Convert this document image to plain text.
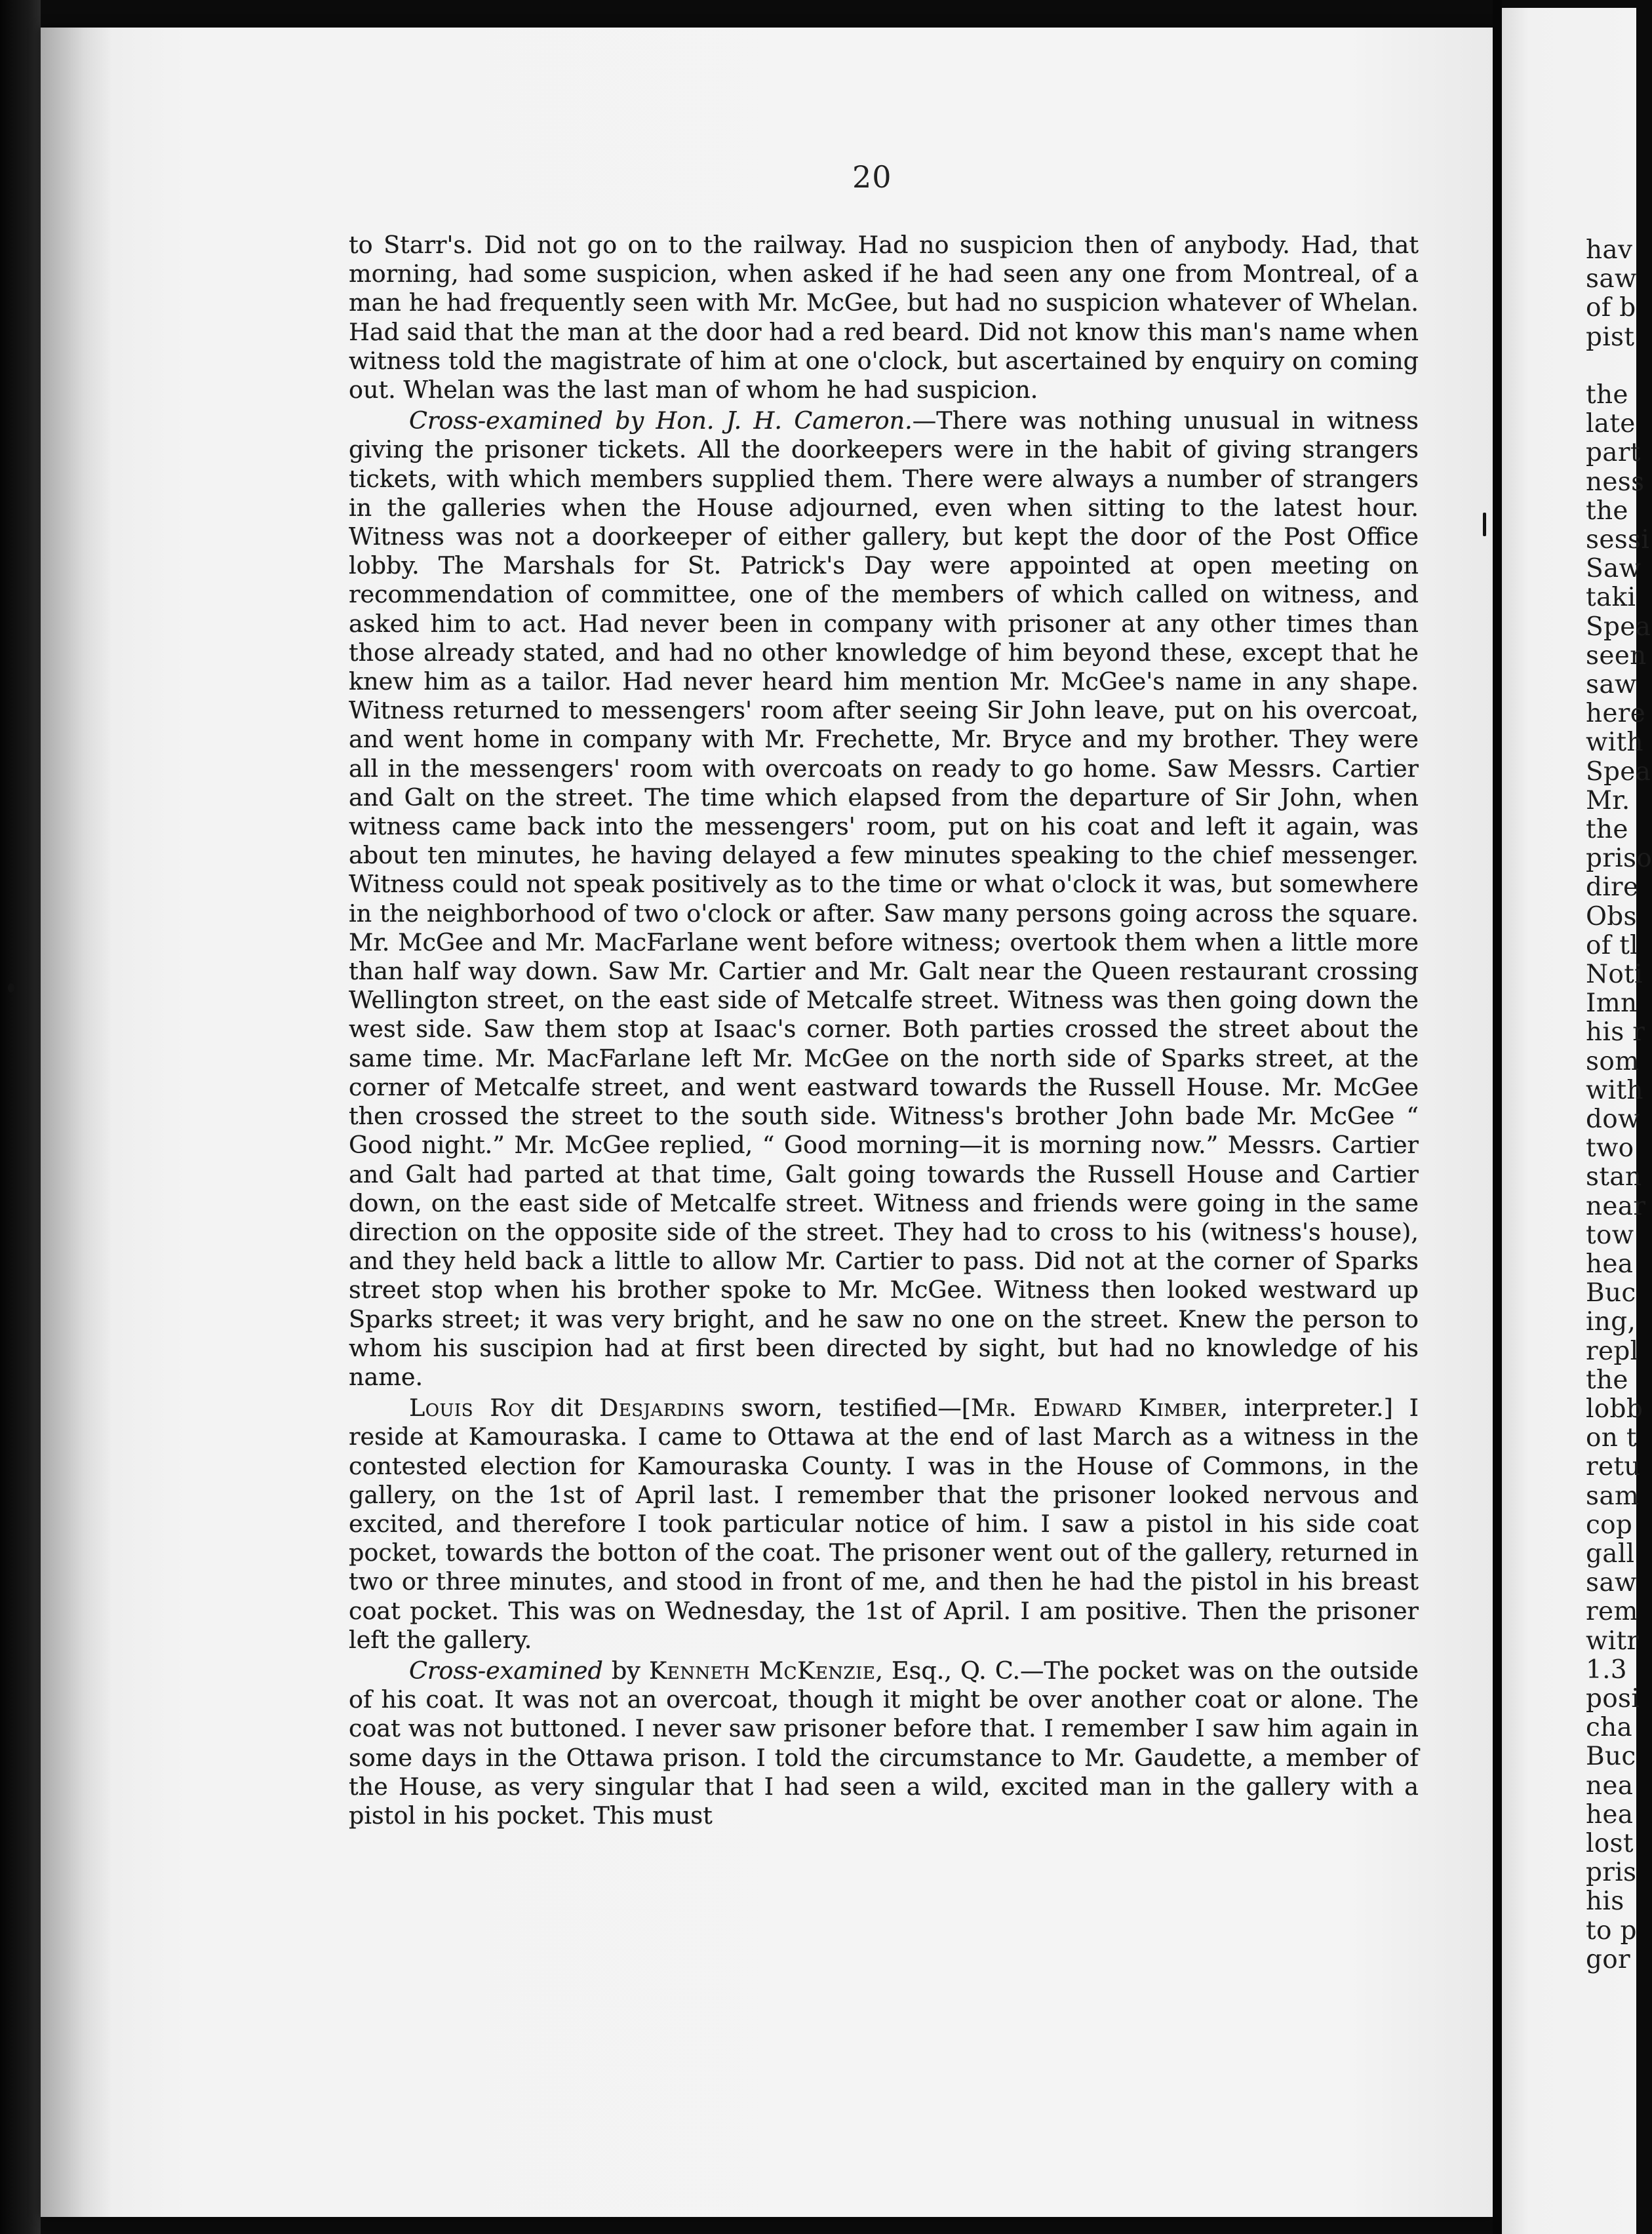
20

to Starr's. Did not go on to the railway. Had no suspicion then of anybody. Had, that morning, had some suspicion, when asked if he had seen any one from Montreal, of a man he had frequently seen with Mr. McGee, but had no suspicion whatever of Whelan. Had said that the man at the door had a red beard. Did not know this man's name when witness told the magistrate of him at one o'clock, but ascertained by enquiry on coming out. Whelan was the last man of whom he had suspicion.

Cross-examined by Hon. J. H. Cameron.—There was nothing unusual in witness giving the prisoner tickets. All the doorkeepers were in the habit of giving strangers tickets, with which members supplied them. There were always a number of strangers in the galleries when the House adjourned, even when sitting to the latest hour. Witness was not a doorkeeper of either gallery, but kept the door of the Post Office lobby. The Marshals for St. Patrick's Day were appointed at open meeting on recommendation of committee, one of the members of which called on witness, and asked him to act. Had never been in company with prisoner at any other times than those already stated, and had no other knowledge of him beyond these, except that he knew him as a tailor. Had never heard him mention Mr. McGee's name in any shape. Witness returned to messengers' room after seeing Sir John leave, put on his overcoat, and went home in company with Mr. Frechette, Mr. Bryce and my brother. They were all in the messengers' room with overcoats on ready to go home. Saw Messrs. Cartier and Galt on the street. The time which elapsed from the departure of Sir John, when witness came back into the messengers' room, put on his coat and left it again, was about ten minutes, he having delayed a few minutes speaking to the chief messenger. Witness could not speak positively as to the time or what o'clock it was, but somewhere in the neighborhood of two o'clock or after. Saw many persons going across the square. Mr. McGee and Mr. MacFarlane went before witness; overtook them when a little more than half way down. Saw Mr. Cartier and Mr. Galt near the Queen restaurant crossing Wellington street, on the east side of Metcalfe street. Witness was then going down the west side. Saw them stop at Isaac's corner. Both parties crossed the street about the same time. Mr. MacFarlane left Mr. McGee on the north side of Sparks street, at the corner of Metcalfe street, and went eastward towards the Russell House. Mr. McGee then crossed the street to the south side. Witness's brother John bade Mr. McGee “ Good night.” Mr. McGee replied, “ Good morning—it is morning now.” Messrs. Cartier and Galt had parted at that time, Galt going towards the Russell House and Cartier down, on the east side of Metcalfe street. Witness and friends were going in the same direction on the opposite side of the street. They had to cross to his (witness's house), and they held back a little to allow Mr. Cartier to pass. Did not at the corner of Sparks street stop when his brother spoke to Mr. McGee. Witness then looked westward up Sparks street; it was very bright, and he saw no one on the street. Knew the person to whom his suscipion had at first been directed by sight, but had no knowledge of his name.

Louis Roy dit Desjardins sworn, testified—[Mr. Edward Kimber, interpreter.] I reside at Kamouraska. I came to Ottawa at the end of last March as a witness in the contested election for Kamouraska County. I was in the House of Commons, in the gallery, on the 1st of April last. I remember that the prisoner looked nervous and excited, and therefore I took particular notice of him. I saw a pistol in his side coat pocket, towards the botton of the coat. The prisoner went out of the gallery, returned in two or three minutes, and stood in front of me, and then he had the pistol in his breast coat pocket. This was on Wednesday, the 1st of April. I am positive. Then the prisoner left the gallery.

Cross-examined by Kenneth McKenzie, Esq., Q. C.—The pocket was on the outside of his coat. It was not an overcoat, though it might be over another coat or alone. The coat was not buttoned. I never saw prisoner before that. I remember I saw him again in some days in the Ottawa prison. I told the circumstance to Mr. Gaudette, a member of the House, as very singular that I had seen a wild, excited man in the gallery with a pistol in his pocket. This must

hav
saw
of b
pist
the
late
part
ness
the
sessi
Saw
taki
Spea
seen
saw
here
with
Spea
Mr.
the
priso
dire
Obs
of tl
Noti
Imn
his r
som
with
dow
two
stan
near
tow
hea
Buc
ing,
repl
the
lobb
on t
retu
sam
cop
gall
saw
rem
witr
1.3
posi
cha
Buc
nea
hea
lost
pris
his
to p
gor
